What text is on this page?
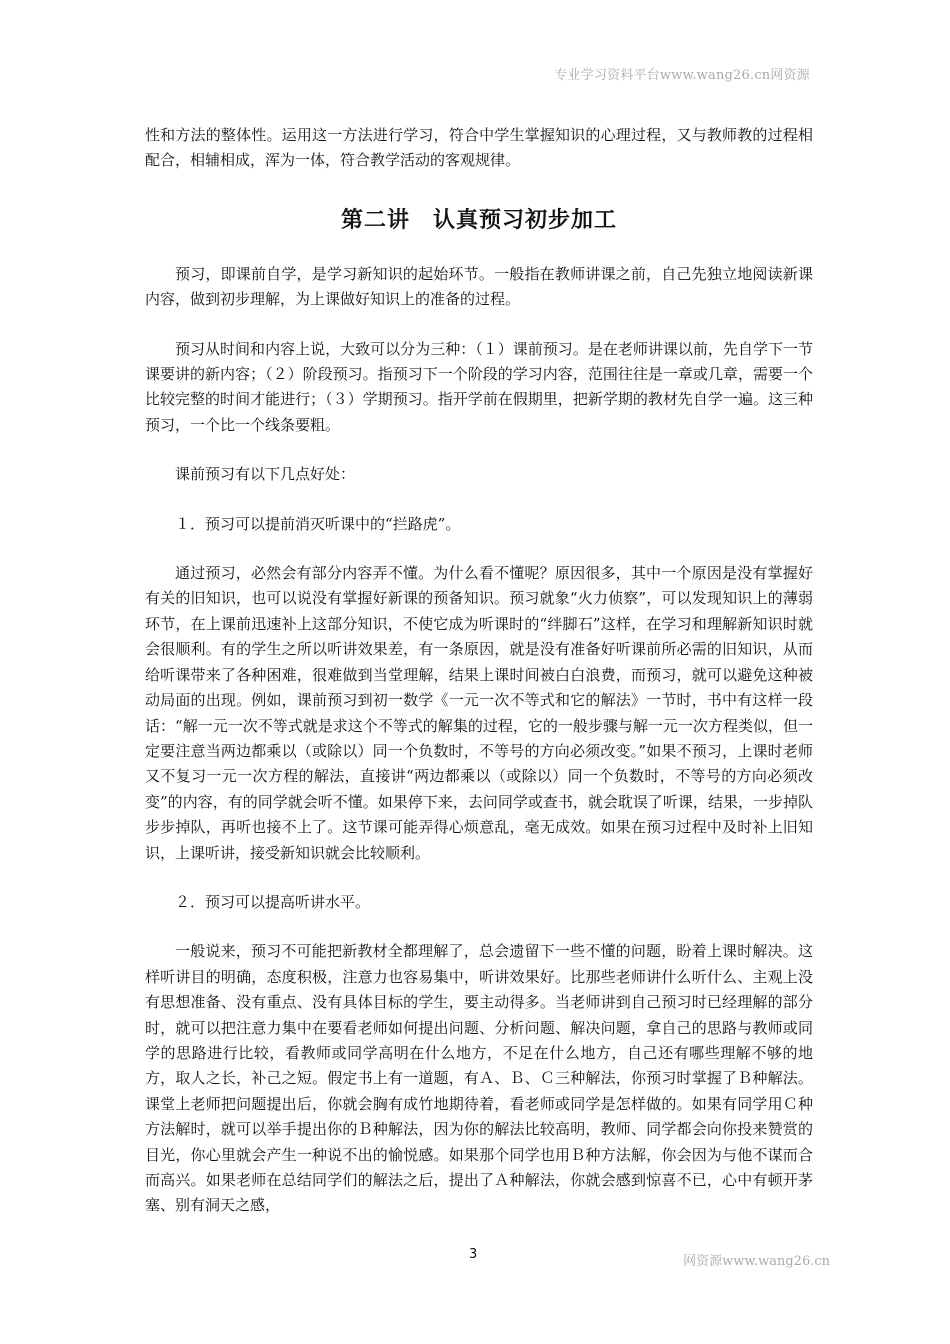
专业学习资料平台www.wang26.cn网资源

性和方法的整体性。运用这一方法进行学习，符合中学生掌握知识的心理过程，又与教师教的过程相配合，相辅相成，浑为一体，符合教学活动的客观规律。

第二讲　认真预习初步加工

预习，即课前自学，是学习新知识的起始环节。一般指在教师讲课之前，自己先独立地阅读新课内容，做到初步理解，为上课做好知识上的准备的过程。

预习从时间和内容上说，大致可以分为三种：（１）课前预习。是在老师讲课以前，先自学下一节课要讲的新内容；（２）阶段预习。指预习下一个阶段的学习内容，范围往往是一章或几章，需要一个比较完整的时间才能进行；（３）学期预习。指开学前在假期里，把新学期的教材先自学一遍。这三种预习，一个比一个线条要粗。

课前预习有以下几点好处：

１．预习可以提前消灭听课中的“拦路虎”。

通过预习，必然会有部分内容弄不懂。为什么看不懂呢？原因很多，其中一个原因是没有掌握好有关的旧知识，也可以说没有掌握好新课的预备知识。预习就象“火力侦察”，可以发现知识上的薄弱环节，在上课前迅速补上这部分知识，不使它成为听课时的“绊脚石”这样，在学习和理解新知识时就会很顺利。有的学生之所以听讲效果差，有一条原因，就是没有准备好听课前所必需的旧知识，从而给听课带来了各种困难，很难做到当堂理解，结果上课时间被白白浪费，而预习，就可以避免这种被动局面的出现。例如，课前预习到初一数学《一元一次不等式和它的解法》一节时，书中有这样一段话：“解一元一次不等式就是求这个不等式的解集的过程，它的一般步骤与解一元一次方程类似，但一定要注意当两边都乘以（或除以）同一个负数时，不等号的方向必须改变。”如果不预习，上课时老师又不复习一元一次方程的解法，直接讲“两边都乘以（或除以）同一个负数时，不等号的方向必须改变”的内容，有的同学就会听不懂。如果停下来，去问同学或查书，就会耽误了听课，结果，一步掉队步步掉队，再听也接不上了。这节课可能弄得心烦意乱，毫无成效。如果在预习过程中及时补上旧知识，上课听讲，接受新知识就会比较顺利。

２．预习可以提高听讲水平。

一般说来，预习不可能把新教材全都理解了，总会遗留下一些不懂的问题，盼着上课时解决。这样听讲目的明确，态度积极，注意力也容易集中，听讲效果好。比那些老师讲什么听什么、主观上没有思想准备、没有重点、没有具体目标的学生，要主动得多。当老师讲到自己预习时已经理解的部分时，就可以把注意力集中在要看老师如何提出问题、分析问题、解决问题，拿自己的思路与教师或同学的思路进行比较，看教师或同学高明在什么地方，不足在什么地方，自己还有哪些理解不够的地方，取人之长，补己之短。假定书上有一道题，有Ａ、Ｂ、Ｃ三种解法，你预习时掌握了Ｂ种解法。课堂上老师把问题提出后，你就会胸有成竹地期待着，看老师或同学是怎样做的。如果有同学用Ｃ种方法解时，就可以举手提出你的Ｂ种解法，因为你的解法比较高明，教师、同学都会向你投来赞赏的目光，你心里就会产生一种说不出的愉悦感。如果那个同学也用Ｂ种方法解，你会因为与他不谋而合而高兴。如果老师在总结同学们的解法之后，提出了Ａ种解法，你就会感到惊喜不已，心中有顿开茅塞、别有洞天之感，

3	网资源www.wang26.cn
